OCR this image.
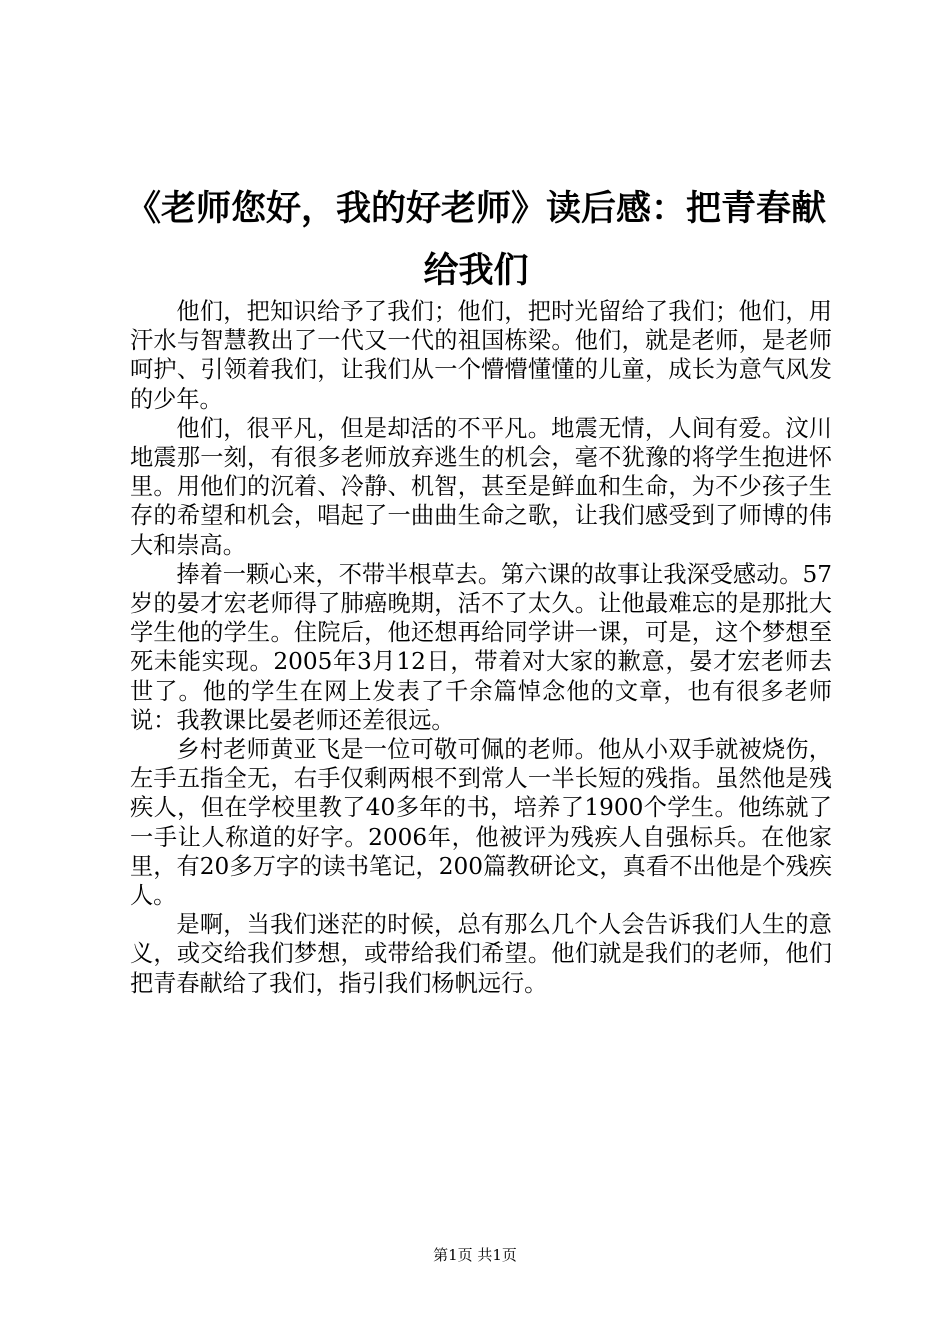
《老师您好，我的好老师》读后感：把青春献给我们

他们，把知识给予了我们；他们，把时光留给了我们；他们，用汗水与智慧教出了一代又一代的祖国栋梁。他们，就是老师，是老师呵护、引领着我们，让我们从一个懵懵懂懂的儿童，成长为意气风发的少年。

他们，很平凡，但是却活的不平凡。地震无情，人间有爱。汶川地震那一刻，有很多老师放弃逃生的机会，毫不犹豫的将学生抱进怀里。用他们的沉着、冷静、机智，甚至是鲜血和生命，为不少孩子生存的希望和机会，唱起了一曲曲生命之歌，让我们感受到了师博的伟大和崇高。

捧着一颗心来，不带半根草去。第六课的故事让我深受感动。57岁的晏才宏老师得了肺癌晚期，活不了太久。让他最难忘的是那批大学生他的学生。住院后，他还想再给同学讲一课，可是，这个梦想至死未能实现。2005年3月12日，带着对大家的歉意，晏才宏老师去世了。他的学生在网上发表了千余篇悼念他的文章，也有很多老师说：我教课比晏老师还差很远。

乡村老师黄亚飞是一位可敬可佩的老师。他从小双手就被烧伤，左手五指全无，右手仅剩两根不到常人一半长短的残指。虽然他是残疾人，但在学校里教了40多年的书，培养了1900个学生。他练就了一手让人称道的好字。2006年，他被评为残疾人自强标兵。在他家里，有20多万字的读书笔记，200篇教研论文，真看不出他是个残疾人。

是啊，当我们迷茫的时候，总有那么几个人会告诉我们人生的意义，或交给我们梦想，或带给我们希望。他们就是我们的老师，他们把青春献给了我们，指引我们杨帆远行。

第1页 共1页
